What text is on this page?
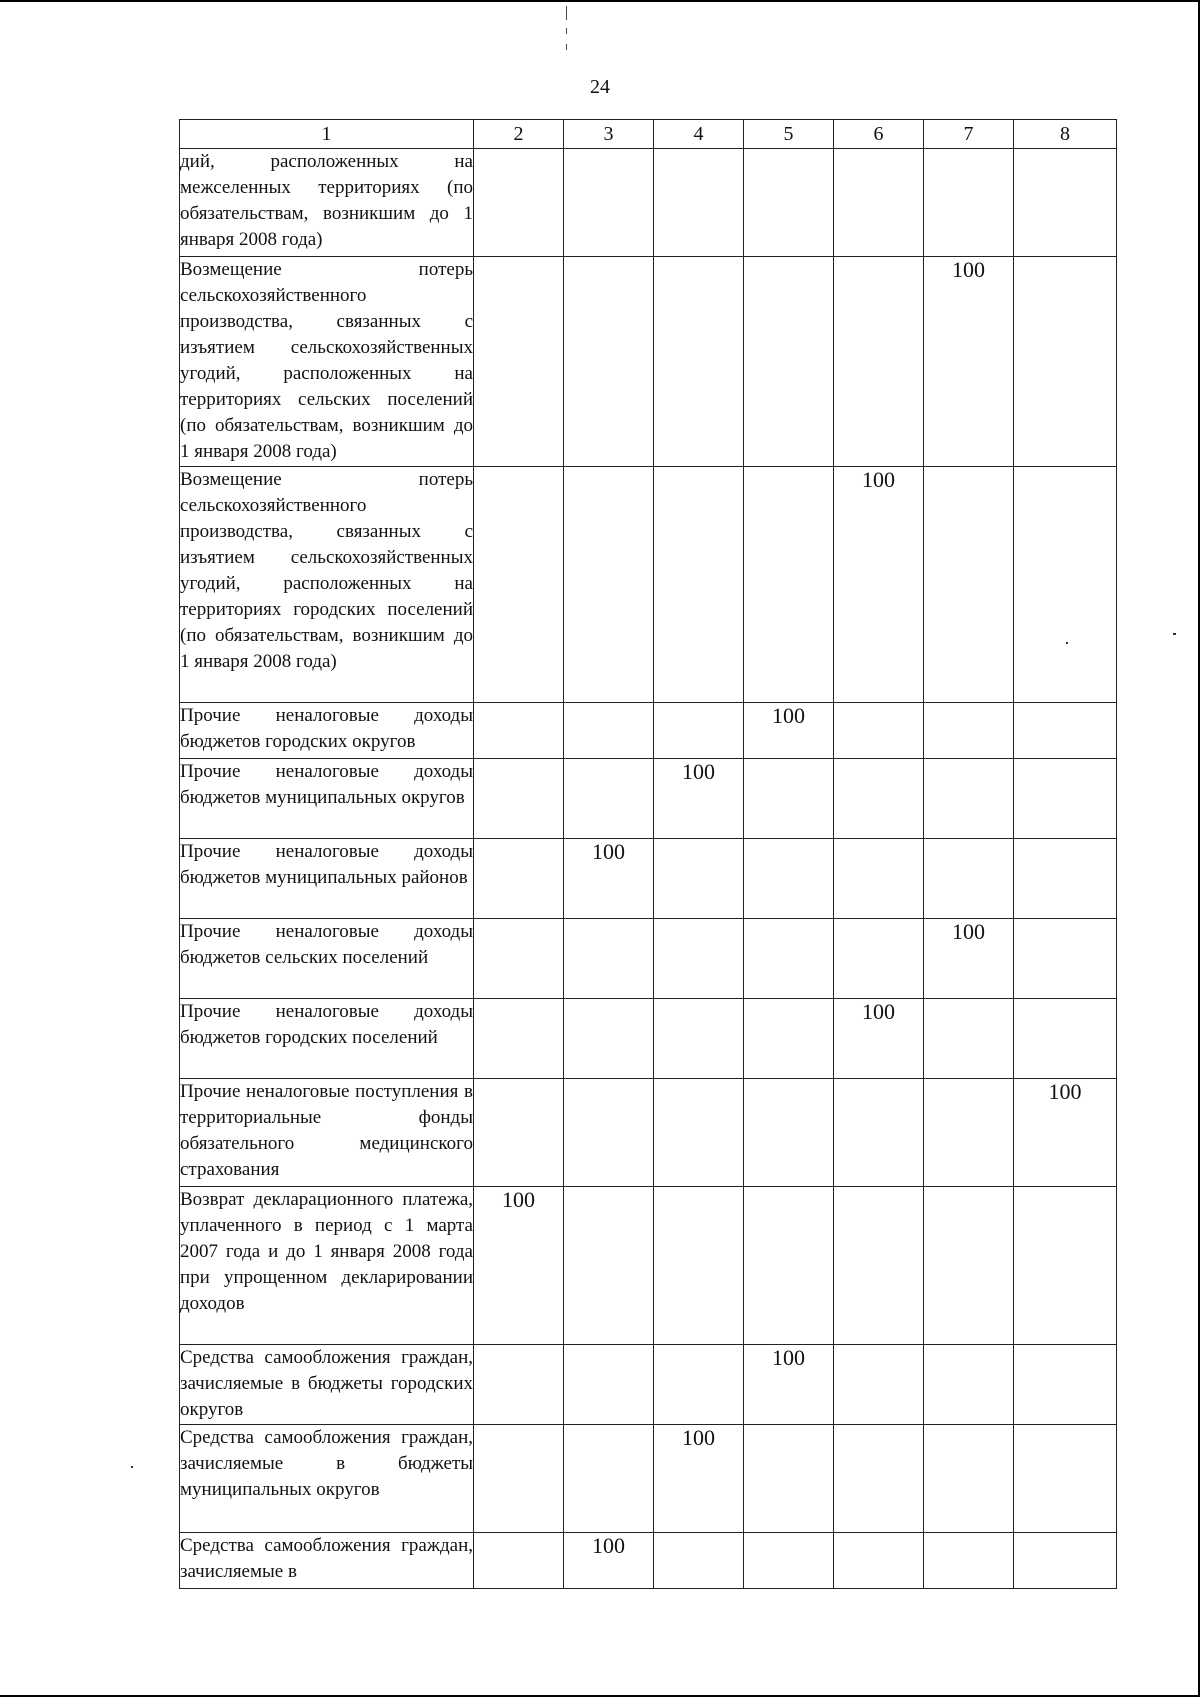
24
1	2	3	4	5	6	7	8
дий, расположенных на межселенных территориях (по обязательствам, возникшим до 1 января 2008 года)							
Возмещение потерь сельскохозяйственного производства, связанных с изъятием сельскохозяйственных угодий, расположенных на территориях сельских поселений (по обязательствам, возникшим до 1 января 2008 года)						100	
Возмещение потерь сельскохозяйственного производства, связанных с изъятием сельскохозяйственных угодий, расположенных на территориях городских поселений (по обязательствам, возникшим до 1 января 2008 года)					100		
Прочие неналоговые доходы бюджетов городских округов				100			
Прочие неналоговые доходы бюджетов муниципальных округов			100				
Прочие неналоговые доходы бюджетов муниципальных районов		100					
Прочие неналоговые доходы бюджетов сельских поселений						100	
Прочие неналоговые доходы бюджетов городских поселений					100		
Прочие неналоговые поступления в территориальные фонды обязательного медицинского страхования							100
Возврат декларационного платежа, уплаченного в период с 1 марта 2007 года и до 1 января 2008 года при упрощенном декларировании доходов	100						
Средства самообложения граждан, зачисляемые в бюджеты городских округов				100			
Средства самообложения граждан, зачисляемые в бюджеты муниципальных округов			100				
Средства самообложения граждан, зачисляемые в		100					
